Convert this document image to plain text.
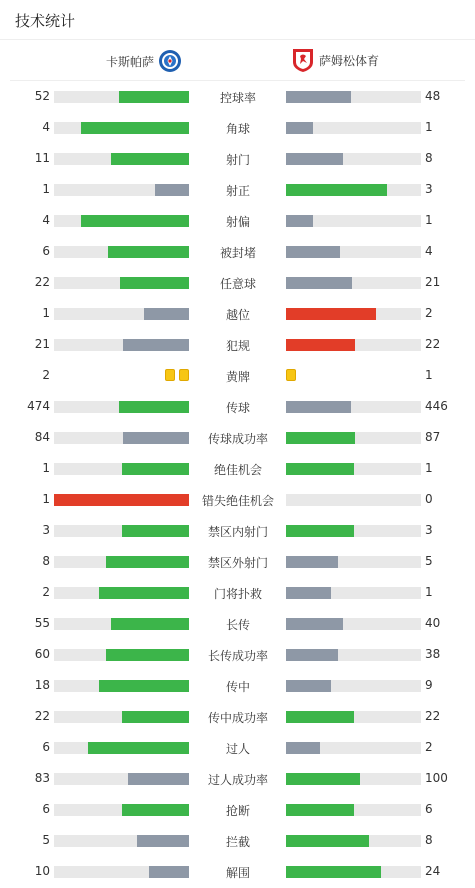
技术统计
卡斯帕萨	萨姆松体育
52	控球率	48
4	角球	1
11	射门	8
1	射正	3
4	射偏	1
6	被封堵	4
22	任意球	21
1	越位	2
21	犯规	22
2	黄牌	1
474	传球	446
84	传球成功率	87
1	绝佳机会	1
1	错失绝佳机会	0
3	禁区内射门	3
8	禁区外射门	5
2	门将扑救	1
55	长传	40
60	长传成功率	38
18	传中	9
22	传中成功率	22
6	过人	2
83	过人成功率	100
6	抢断	6
5	拦截	8
10	解围	24
